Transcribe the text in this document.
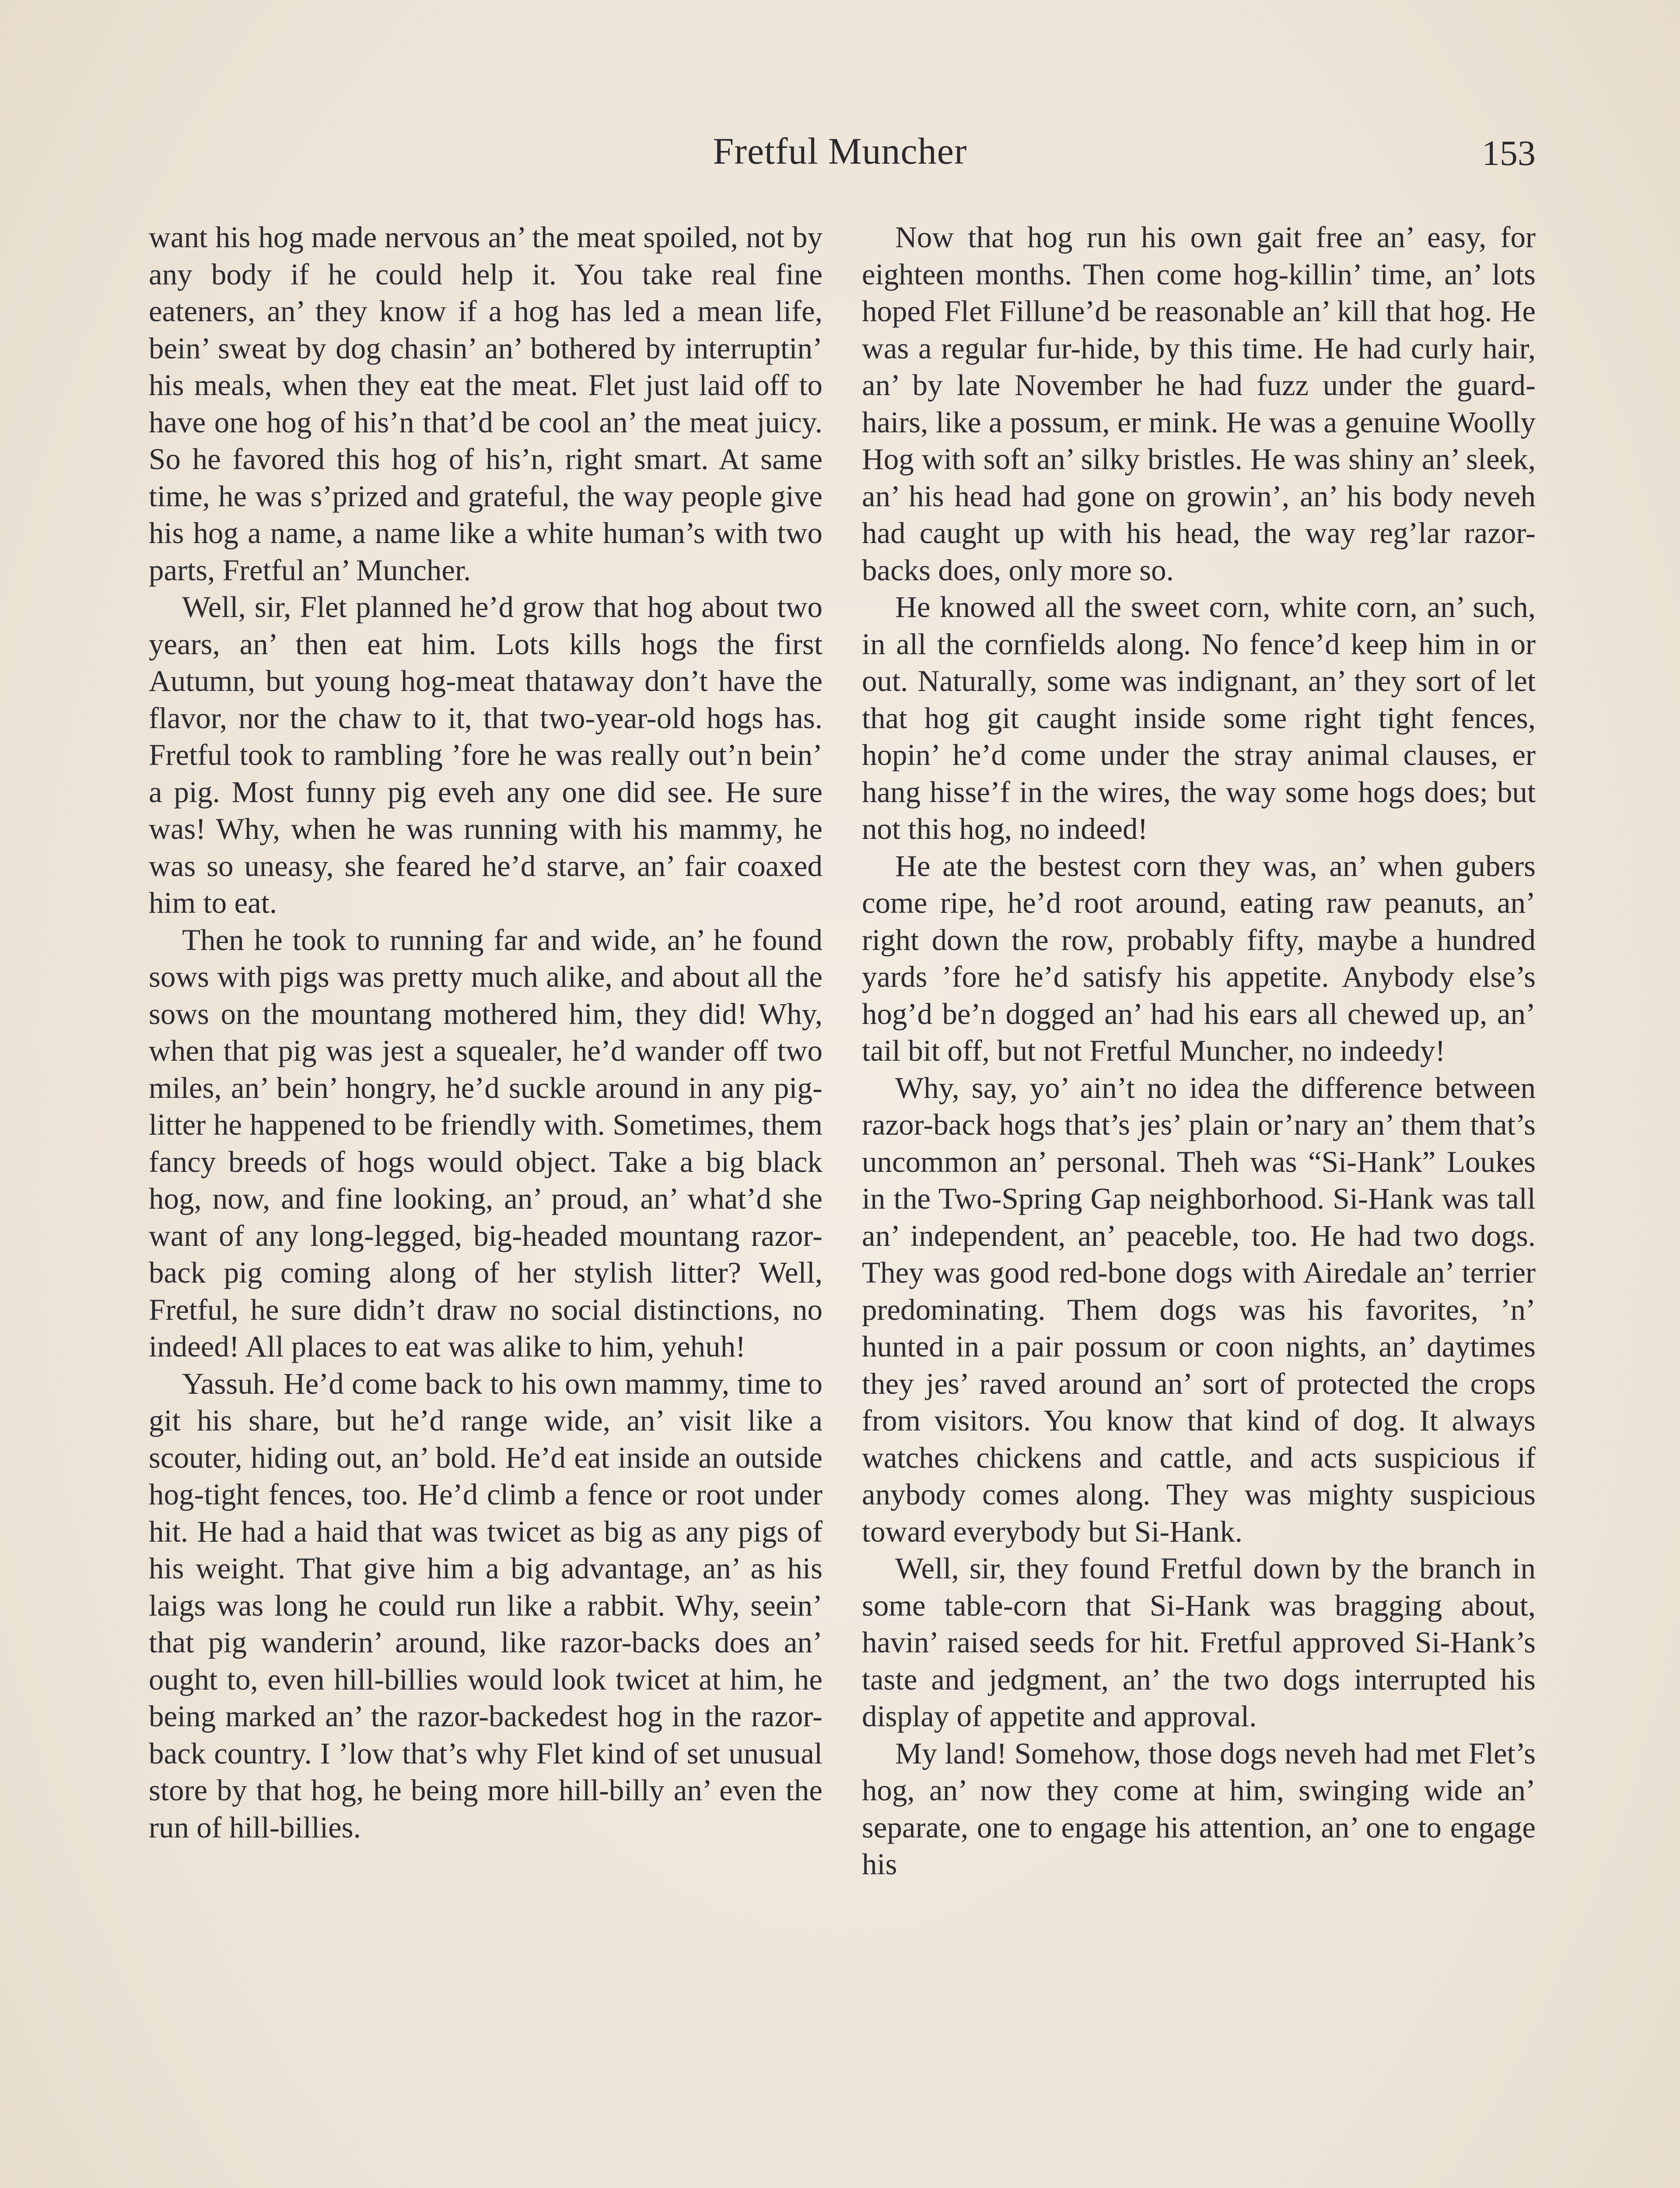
Fretful Muncher	153

want his hog made nervous an’ the meat spoiled, not by any body if he could help it. You take real fine eateners, an’ they know if a hog has led a mean life, bein’ sweat by dog chasin’ an’ bothered by interruptin’ his meals, when they eat the meat. Flet just laid off to have one hog of his’n that’d be cool an’ the meat juicy. So he favored this hog of his’n, right smart. At same time, he was s’prized and grateful, the way people give his hog a name, a name like a white human’s with two parts, Fretful an’ Muncher.

Well, sir, Flet planned he’d grow that hog about two years, an’ then eat him. Lots kills hogs the first Autumn, but young hog-meat thataway don’t have the flavor, nor the chaw to it, that two-year-old hogs has. Fretful took to rambling ’fore he was really out’n bein’ a pig. Most funny pig eveh any one did see. He sure was! Why, when he was running with his mammy, he was so uneasy, she feared he’d starve, an’ fair coaxed him to eat.

Then he took to running far and wide, an’ he found sows with pigs was pretty much alike, and about all the sows on the mountang mothered him, they did! Why, when that pig was jest a squealer, he’d wander off two miles, an’ bein’ hongry, he’d suckle around in any pig-litter he happened to be friendly with. Sometimes, them fancy breeds of hogs would object. Take a big black hog, now, and fine looking, an’ proud, an’ what’d she want of any long-legged, big-headed mountang razor-back pig coming along of her stylish litter? Well, Fretful, he sure didn’t draw no social distinctions, no indeed! All places to eat was alike to him, yehuh!

Yassuh. He’d come back to his own mammy, time to git his share, but he’d range wide, an’ visit like a scouter, hiding out, an’ bold. He’d eat inside an outside hog-tight fences, too. He’d climb a fence or root under hit. He had a haid that was twicet as big as any pigs of his weight. That give him a big advantage, an’ as his laigs was long he could run like a rabbit. Why, seein’ that pig wanderin’ around, like razor-backs does an’ ought to, even hill-billies would look twicet at him, he being marked an’ the razor-backedest hog in the razor-back country. I ’low that’s why Flet kind of set unusual store by that hog, he being more hill-billy an’ even the run of hill-billies.

Now that hog run his own gait free an’ easy, for eighteen months. Then come hog-killin’ time, an’ lots hoped Flet Fillune’d be reasonable an’ kill that hog. He was a regular fur-hide, by this time. He had curly hair, an’ by late November he had fuzz under the guard-hairs, like a possum, er mink. He was a genuine Woolly Hog with soft an’ silky bristles. He was shiny an’ sleek, an’ his head had gone on growin’, an’ his body neveh had caught up with his head, the way reg’lar razor-backs does, only more so.

He knowed all the sweet corn, white corn, an’ such, in all the cornfields along. No fence’d keep him in or out. Naturally, some was indignant, an’ they sort of let that hog git caught inside some right tight fences, hopin’ he’d come under the stray animal clauses, er hang hisse’f in the wires, the way some hogs does; but not this hog, no indeed!

He ate the bestest corn they was, an’ when gubers come ripe, he’d root around, eating raw peanuts, an’ right down the row, probably fifty, maybe a hundred yards ’fore he’d satisfy his appetite. Anybody else’s hog’d be’n dogged an’ had his ears all chewed up, an’ tail bit off, but not Fretful Muncher, no indeedy!

Why, say, yo’ ain’t no idea the difference between razor-back hogs that’s jes’ plain or’nary an’ them that’s uncommon an’ personal. Theh was “Si-Hank” Loukes in the Two-Spring Gap neighborhood. Si-Hank was tall an’ independent, an’ peaceble, too. He had two dogs. They was good red-bone dogs with Airedale an’ terrier predominating. Them dogs was his favorites, ’n’ hunted in a pair possum or coon nights, an’ daytimes they jes’ raved around an’ sort of protected the crops from visitors. You know that kind of dog. It always watches chickens and cattle, and acts suspicious if anybody comes along. They was mighty suspicious toward everybody but Si-Hank.

Well, sir, they found Fretful down by the branch in some table-corn that Si-Hank was bragging about, havin’ raised seeds for hit. Fretful approved Si-Hank’s taste and jedgment, an’ the two dogs interrupted his display of appetite and approval.

My land! Somehow, those dogs neveh had met Flet’s hog, an’ now they come at him, swinging wide an’ separate, one to engage his attention, an’ one to engage his
